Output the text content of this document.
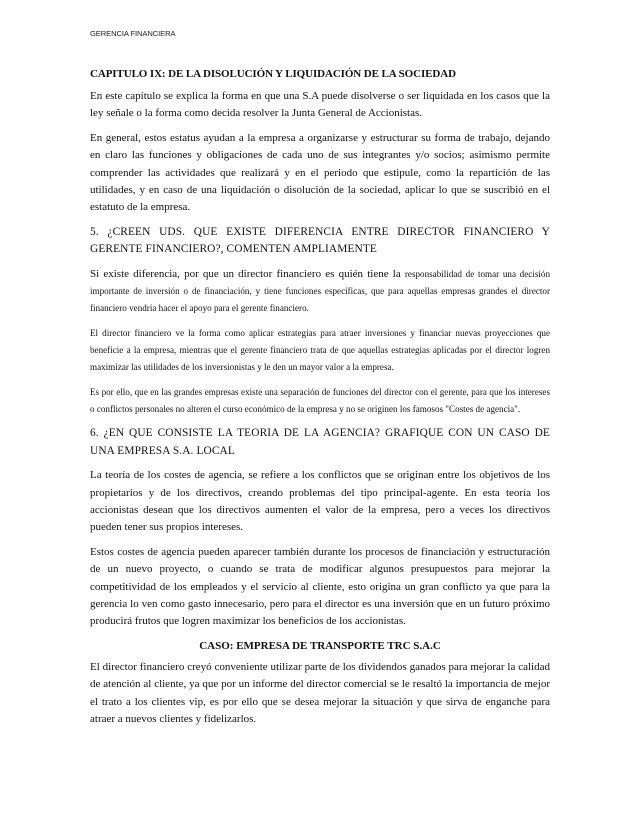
GERENCIA FINANCIERA
CAPITULO IX: DE LA DISOLUCIÓN Y LIQUIDACIÓN DE LA SOCIEDAD

En este capítulo se explica la forma en que una S.A puede disolverse o ser liquidada en los casos que la ley señale o la forma como decida resolver la Junta General de Accionistas.

En general, estos estatus ayudan a la empresa a organizarse y estructurar su forma de trabajo, dejando en claro las funciones y obligaciones de cada uno de sus integrantes y/o socios; asimismo permite comprender las actividades que realizará y en el periodo que estipule, como la repartición de las utilidades, y en caso de una liquidación o disolución de la sociedad, aplicar lo que se suscribió en el estatuto de la empresa.

5. ¿CREEN UDS. QUE EXISTE DIFERENCIA ENTRE DIRECTOR FINANCIERO Y GERENTE FINANCIERO?, COMENTEN AMPLIAMENTE

Si existe diferencia, por que un director financiero es quién tiene la responsabilidad de tomar una decisión importante de inversión o de financiación, y tiene funciones específicas, que para aquellas empresas grandes el director financiero vendría hacer el apoyo para el gerente financiero.

El director financiero ve la forma como aplicar estrategias para atraer inversiones y financiar nuevas proyecciones que beneficie a la empresa, mientras que el gerente financiero trata de que aquellas estrategias aplicadas por el director logren maximizar las utilidades de los inversionistas y le den un mayor valor a la empresa.

Es por ello, que en las grandes empresas existe una separación de funciones del director con el gerente, para que los intereses o conflictos personales no alteren el curso económico de la empresa y no se originen los famosos "Costes de agencia".

6. ¿EN QUE CONSISTE LA TEORIA DE LA AGENCIA? GRAFIQUE CON UN CASO DE UNA EMPRESA S.A. LOCAL

La teoría de los costes de agencia, se refiere a los conflictos que se originan entre los objetivos de los propietarios y de los directivos, creando problemas del tipo principal-agente. En esta teoría los accionistas desean que los directivos aumenten el valor de la empresa, pero a veces los directivos pueden tener sus propios intereses.

Estos costes de agencia pueden aparecer también durante los procesos de financiación y estructuración de un nuevo proyecto, o cuando se trata de modificar algunos presupuestos para mejorar la competitividad de los empleados y el servicio al cliente, esto origina un gran conflicto ya que para la gerencia lo ven como gasto innecesario, pero para el director es una inversión que en un futuro próximo producirá frutos que logren maximizar los beneficios de los accionistas.

CASO: EMPRESA DE TRANSPORTE TRC S.A.C

El director financiero creyó conveniente utilizar parte de los dividendos ganados para mejorar la calidad de atención al cliente, ya que por un informe del director comercial se le resaltó la importancia de mejor el trato a los clientes vip, es por ello que se desea mejorar la situación y que sirva de enganche para atraer a nuevos clientes y fidelizarlos.
